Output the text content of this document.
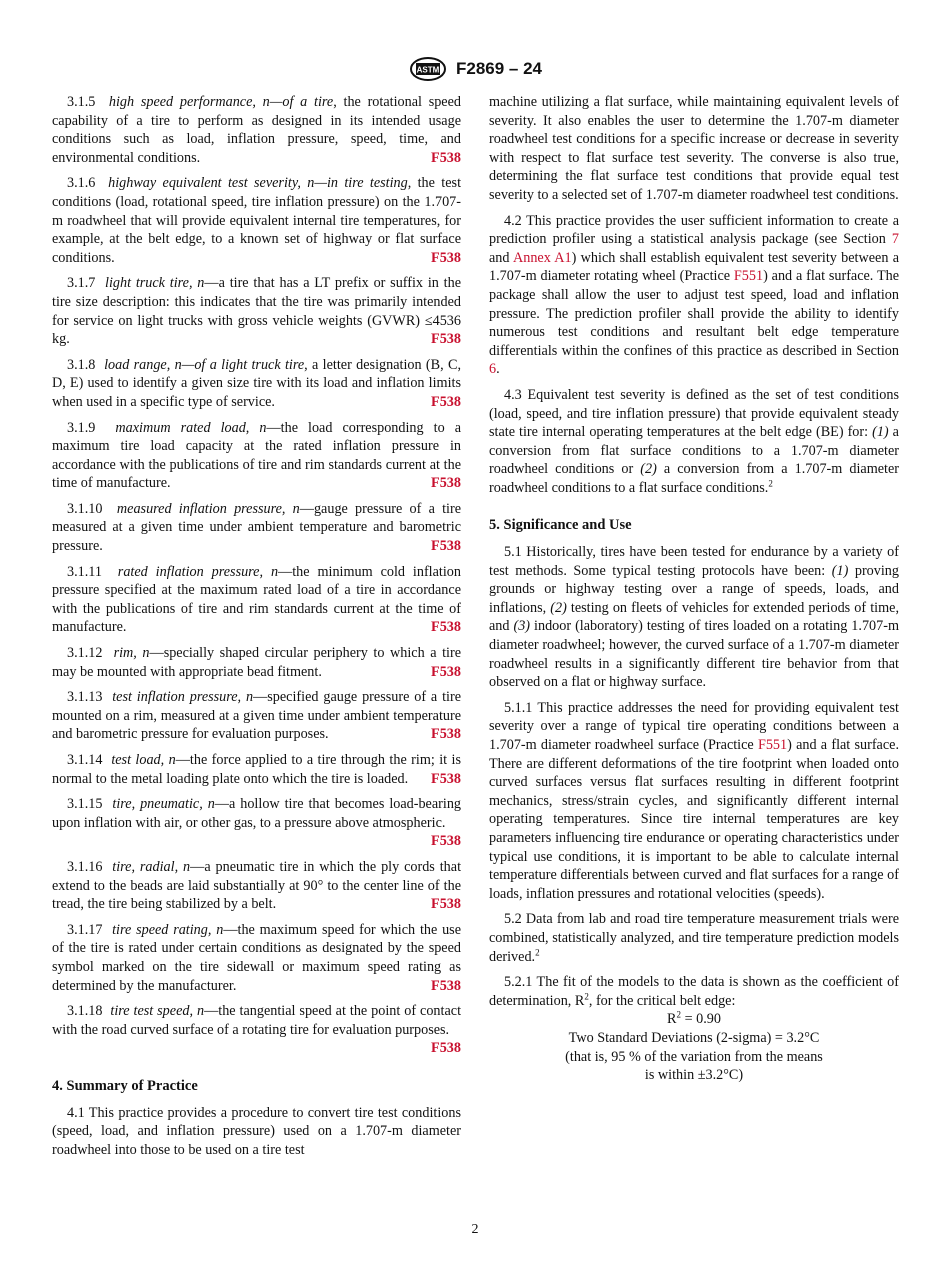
ASTM F2869 – 24

3.1.5 high speed performance, n—of a tire, the rotational speed capability of a tire to perform as designed in its intended usage conditions such as load, inflation pressure, speed, time, and environmental conditions.	F538

3.1.6 highway equivalent test severity, n—in tire testing, the test conditions (load, rotational speed, tire inflation pressure) on the 1.707-m roadwheel that will provide equivalent internal tire temperatures, for example, at the belt edge, to a known set of highway or flat surface conditions.	F538

3.1.7 light truck tire, n—a tire that has a LT prefix or suffix in the tire size description: this indicates that the tire was primarily intended for service on light trucks with gross vehicle weights (GVWR) ≤4536 kg.	F538

3.1.8 load range, n—of a light truck tire, a letter designation (B, C, D, E) used to identify a given size tire with its load and inflation limits when used in a specific type of service.	F538

3.1.9 maximum rated load, n—the load corresponding to a maximum tire load capacity at the rated inflation pressure in accordance with the publications of tire and rim standards current at the time of manufacture.	F538

3.1.10 measured inflation pressure, n—gauge pressure of a tire measured at a given time under ambient temperature and barometric pressure.	F538

3.1.11 rated inflation pressure, n—the minimum cold inflation pressure specified at the maximum rated load of a tire in accordance with the publications of tire and rim standards current at the time of manufacture.	F538

3.1.12 rim, n—specially shaped circular periphery to which a tire may be mounted with appropriate bead fitment.	F538

3.1.13 test inflation pressure, n—specified gauge pressure of a tire mounted on a rim, measured at a given time under ambient temperature and barometric pressure for evaluation purposes.	F538

3.1.14 test load, n—the force applied to a tire through the rim; it is normal to the metal loading plate onto which the tire is loaded.	F538

3.1.15 tire, pneumatic, n—a hollow tire that becomes load-bearing upon inflation with air, or other gas, to a pressure above atmospheric.
F538

3.1.16 tire, radial, n—a pneumatic tire in which the ply cords that extend to the beads are laid substantially at 90° to the center line of the tread, the tire being stabilized by a belt.	F538

3.1.17 tire speed rating, n—the maximum speed for which the use of the tire is rated under certain conditions as designated by the speed symbol marked on the tire sidewall or maximum speed rating as determined by the manufacturer.	F538

3.1.18 tire test speed, n—the tangential speed at the point of contact with the road curved surface of a rotating tire for evaluation purposes.
F538

4. Summary of Practice

4.1 This practice provides a procedure to convert tire test conditions (speed, load, and inflation pressure) used on a 1.707-m diameter roadwheel into those to be used on a tire test

machine utilizing a flat surface, while maintaining equivalent levels of severity. It also enables the user to determine the 1.707-m diameter roadwheel test conditions for a specific increase or decrease in severity with respect to flat surface test severity. The converse is also true, determining the flat surface test conditions that provide equal test severity to a selected set of 1.707-m diameter roadwheel test conditions.

4.2 This practice provides the user sufficient information to create a prediction profiler using a statistical analysis package (see Section 7 and Annex A1) which shall establish equivalent test severity between a 1.707-m diameter rotating wheel (Practice F551) and a flat surface. The package shall allow the user to adjust test speed, load and inflation pressure. The prediction profiler shall provide the ability to identify numerous test conditions and resultant belt edge temperature differentials within the confines of this practice as described in Section 6.

4.3 Equivalent test severity is defined as the set of test conditions (load, speed, and tire inflation pressure) that provide equivalent steady state tire internal operating temperatures at the belt edge (BE) for: (1) a conversion from flat surface conditions to a 1.707-m diameter roadwheel conditions or (2) a conversion from a 1.707-m diameter roadwheel conditions to a flat surface conditions.$^2$

5. Significance and Use

5.1 Historically, tires have been tested for endurance by a variety of test methods. Some typical testing protocols have been: (1) proving grounds or highway testing over a range of speeds, loads, and inflations, (2) testing on fleets of vehicles for extended periods of time, and (3) indoor (laboratory) testing of tires loaded on a rotating 1.707-m diameter roadwheel; however, the curved surface of a 1.707-m diameter roadwheel results in a significantly different tire behavior from that observed on a flat or highway surface.

5.1.1 This practice addresses the need for providing equivalent test severity over a range of typical tire operating conditions between a 1.707-m diameter roadwheel surface (Practice F551) and a flat surface. There are different deformations of the tire footprint when loaded onto curved surfaces versus flat surfaces resulting in different footprint mechanics, stress/strain cycles, and significantly different internal operating temperatures. Since tire internal temperatures are key parameters influencing tire endurance or operating characteristics under typical use conditions, it is important to be able to calculate internal temperature differentials between curved and flat surfaces for a range of loads, inflation pressures and rotational velocities (speeds).

5.2 Data from lab and road tire temperature measurement trials were combined, statistically analyzed, and tire temperature prediction models derived.$^2$

5.2.1 The fit of the models to the data is shown as the coefficient of determination, $R^2$, for the critical belt edge:

$R^2 = 0.90$

Two Standard Deviations (2-sigma) = 3.2°C

(that is, 95 % of the variation from the means

is within ±3.2°C)

2
